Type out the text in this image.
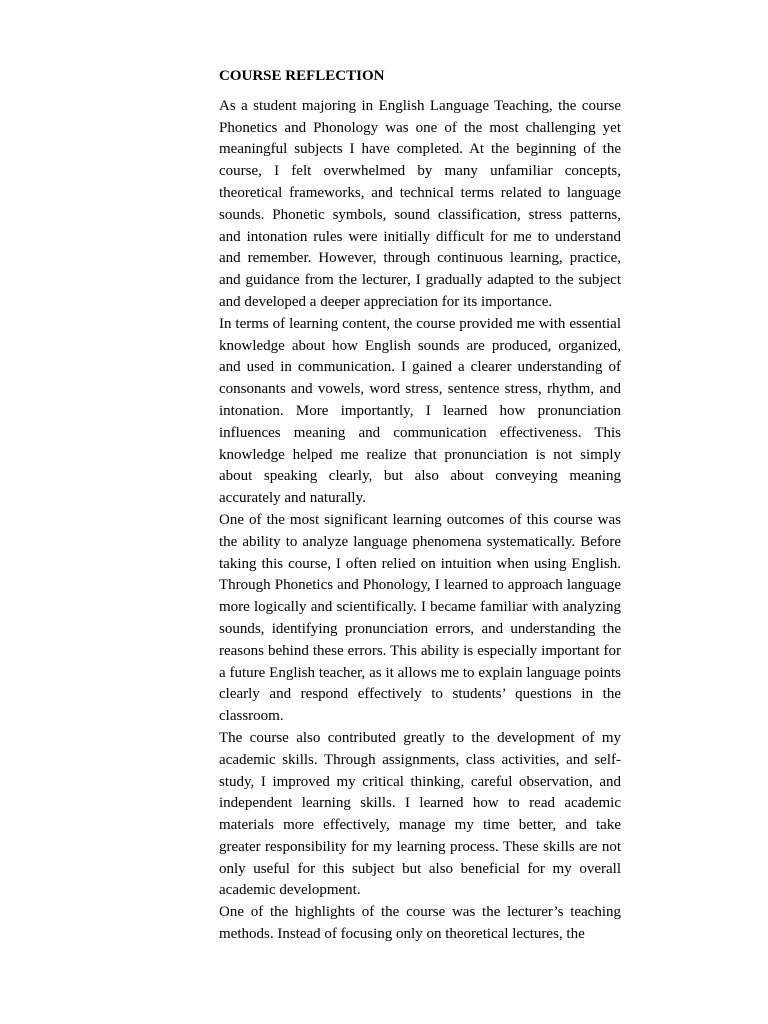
COURSE REFLECTION

As a student majoring in English Language Teaching, the course Phonetics and Phonology was one of the most challenging yet meaningful subjects I have completed. At the beginning of the course, I felt overwhelmed by many unfamiliar concepts, theoretical frameworks, and technical terms related to language sounds. Phonetic symbols, sound classification, stress patterns, and intonation rules were initially difficult for me to understand and remember. However, through continuous learning, practice, and guidance from the lecturer, I gradually adapted to the subject and developed a deeper appreciation for its importance.

In terms of learning content, the course provided me with essential knowledge about how English sounds are produced, organized, and used in communication. I gained a clearer understanding of consonants and vowels, word stress, sentence stress, rhythm, and intonation. More importantly, I learned how pronunciation influences meaning and communication effectiveness. This knowledge helped me realize that pronunciation is not simply about speaking clearly, but also about conveying meaning accurately and naturally.

One of the most significant learning outcomes of this course was the ability to analyze language phenomena systematically. Before taking this course, I often relied on intuition when using English. Through Phonetics and Phonology, I learned to approach language more logically and scientifically. I became familiar with analyzing sounds, identifying pronunciation errors, and understanding the reasons behind these errors. This ability is especially important for a future English teacher, as it allows me to explain language points clearly and respond effectively to students’ questions in the classroom.

The course also contributed greatly to the development of my academic skills. Through assignments, class activities, and self-study, I improved my critical thinking, careful observation, and independent learning skills. I learned how to read academic materials more effectively, manage my time better, and take greater responsibility for my learning process. These skills are not only useful for this subject but also beneficial for my overall academic development.

One of the highlights of the course was the lecturer’s teaching methods. Instead of focusing only on theoretical lectures, the
